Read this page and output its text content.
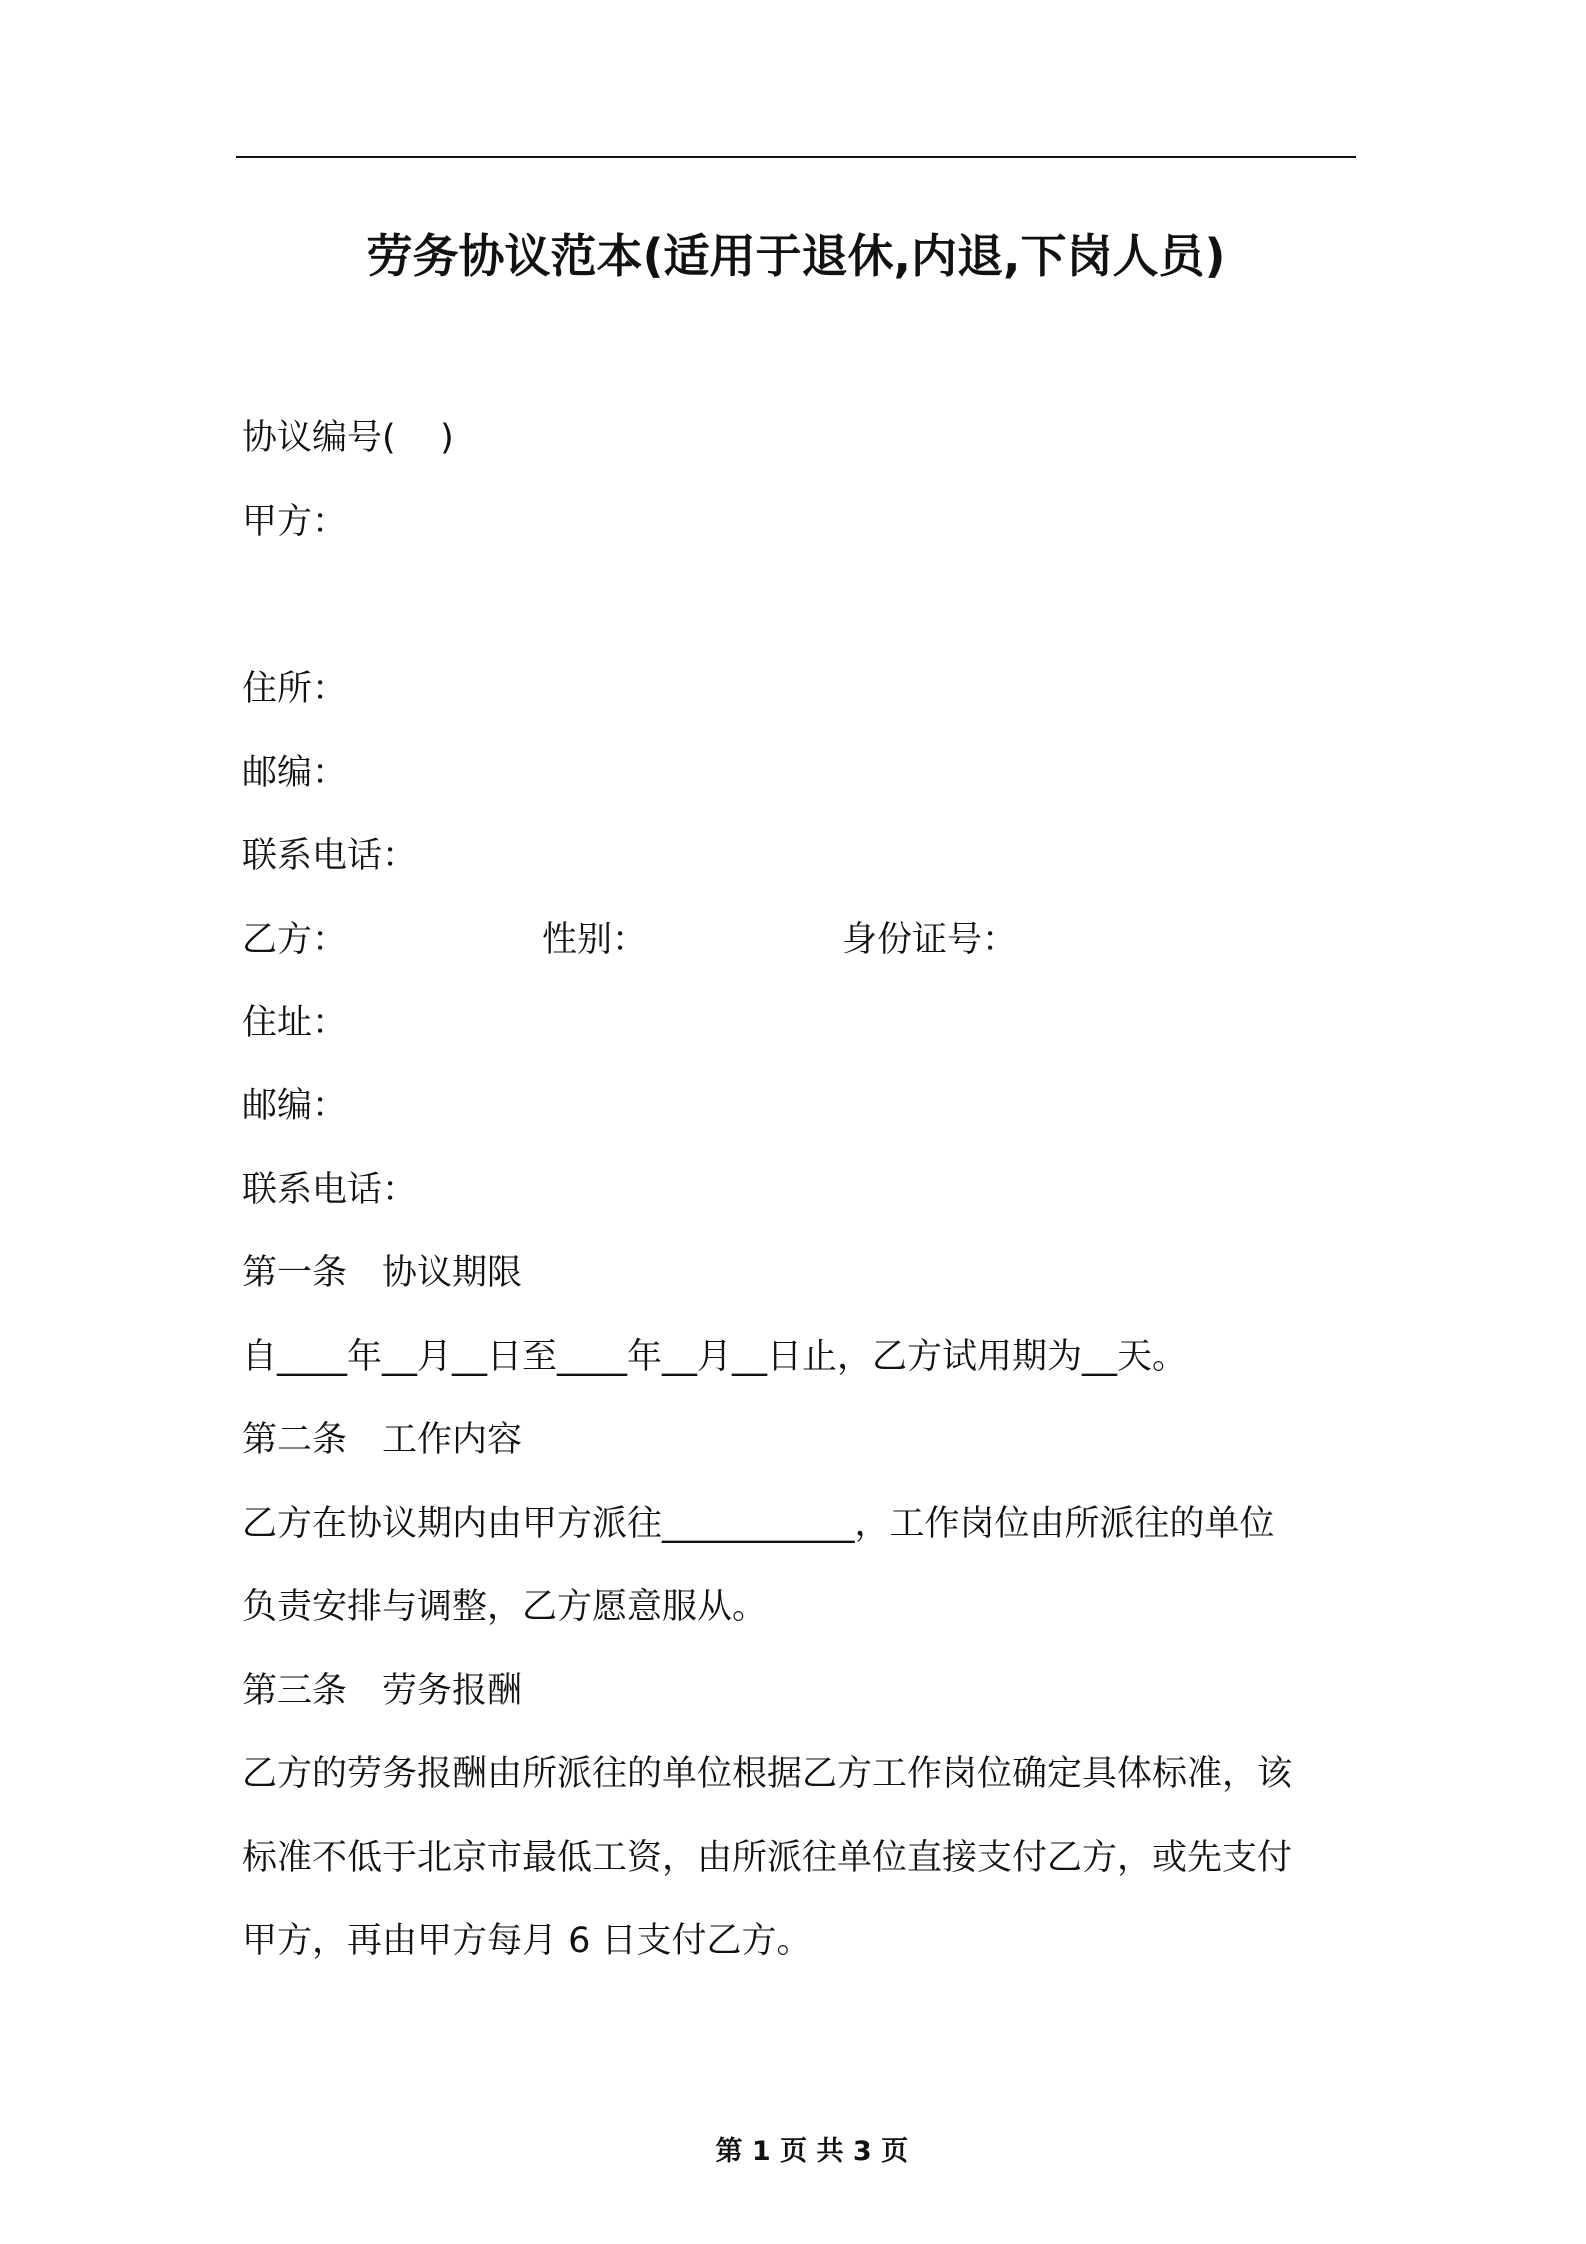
劳务协议范本(适用于退休,内退,下岗人员)
协议编号(    )
甲方：
住所：
邮编：
联系电话：

乙方：

	性别：

	身份证号：

住址：
邮编：
联系电话：
第一条　协议期限
自____年__月__日至____年__月__日止，乙方试用期为__天。
第二条　工作内容
乙方在协议期内由甲方派往___________，工作岗位由所派往的单位
负责安排与调整，乙方愿意服从。
第三条　劳务报酬
乙方的劳务报酬由所派往的单位根据乙方工作岗位确定具体标准，该
标准不低于北京市最低工资，由所派往单位直接支付乙方，或先支付
甲方，再由甲方每月 6 日支付乙方。

第 1 页 共 3 页
